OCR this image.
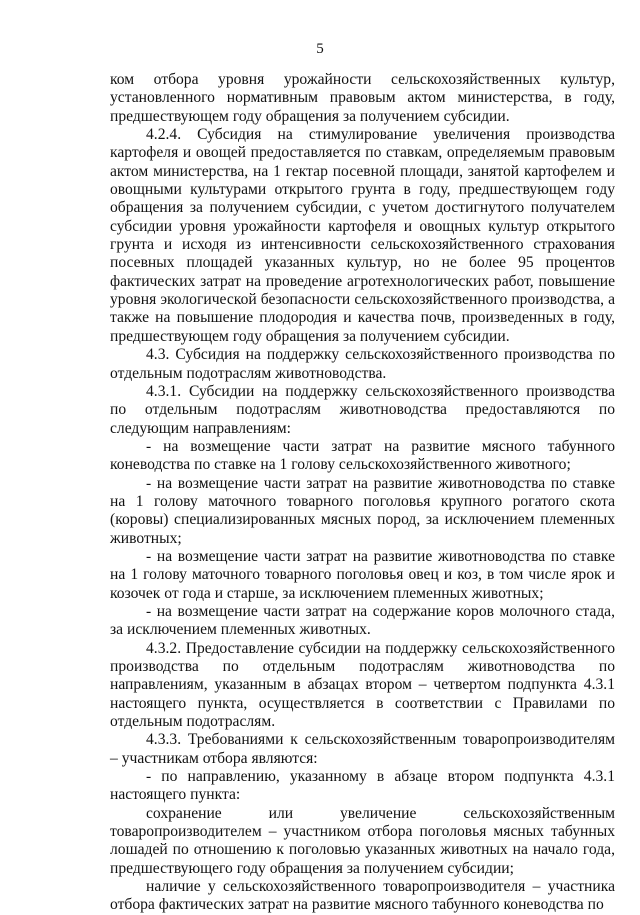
5

ком отбора уровня урожайности сельскохозяйственных культур, установленного нормативным правовым актом министерства, в году, предшествующем году обращения за получением субсидии.

4.2.4. Субсидия на стимулирование увеличения производства картофеля и овощей предоставляется по ставкам, определяемым правовым актом министерства, на 1 гектар посевной площади, занятой картофелем и овощными культурами открытого грунта в году, предшествующем году обращения за получением субсидии, с учетом достигнутого получателем субсидии уровня урожайности картофеля и овощных культур открытого грунта и исходя из интенсивности сельскохозяйственного страхования посевных площадей указанных культур, но не более 95 процентов фактических затрат на проведение агротехнологических работ, повышение уровня экологической безопасности сельскохозяйственного производства, а также на повышение плодородия и качества почв, произведенных в году, предшествующем году обращения за получением субсидии.

4.3. Субсидия на поддержку сельскохозяйственного производства по отдельным подотраслям животноводства.

4.3.1. Субсидии на поддержку сельскохозяйственного производства по отдельным подотраслям животноводства предоставляются по следующим направлениям:

- на возмещение части затрат на развитие мясного табунного коневодства по ставке на 1 голову сельскохозяйственного животного;

- на возмещение части затрат на развитие животноводства по ставке на 1 голову маточного товарного поголовья крупного рогатого скота (коровы) специализированных мясных пород, за исключением племенных животных;

- на возмещение части затрат на развитие животноводства по ставке на 1 голову маточного товарного поголовья овец и коз, в том числе ярок и козочек от года и старше, за исключением племенных животных;

- на возмещение части затрат на содержание коров молочного стада, за исключением племенных животных.

4.3.2. Предоставление субсидии на поддержку сельскохозяйственного производства по отдельным подотраслям животноводства по направлениям, указанным в абзацах втором – четвертом подпункта 4.3.1 настоящего пункта, осуществляется в соответствии с Правилами по отдельным подотраслям.

4.3.3. Требованиями к сельскохозяйственным товаропроизводителям – участникам отбора являются:

- по направлению, указанному в абзаце втором подпункта 4.3.1 настоящего пункта:

сохранение или увеличение сельскохозяйственным товаропроизводителем – участником отбора поголовья мясных табунных лошадей по отношению к поголовью указанных животных на начало года, предшествующего году обращения за получением субсидии;

наличие у сельскохозяйственного товаропроизводителя – участника отбора фактических затрат на развитие мясного табунного коневодства по
